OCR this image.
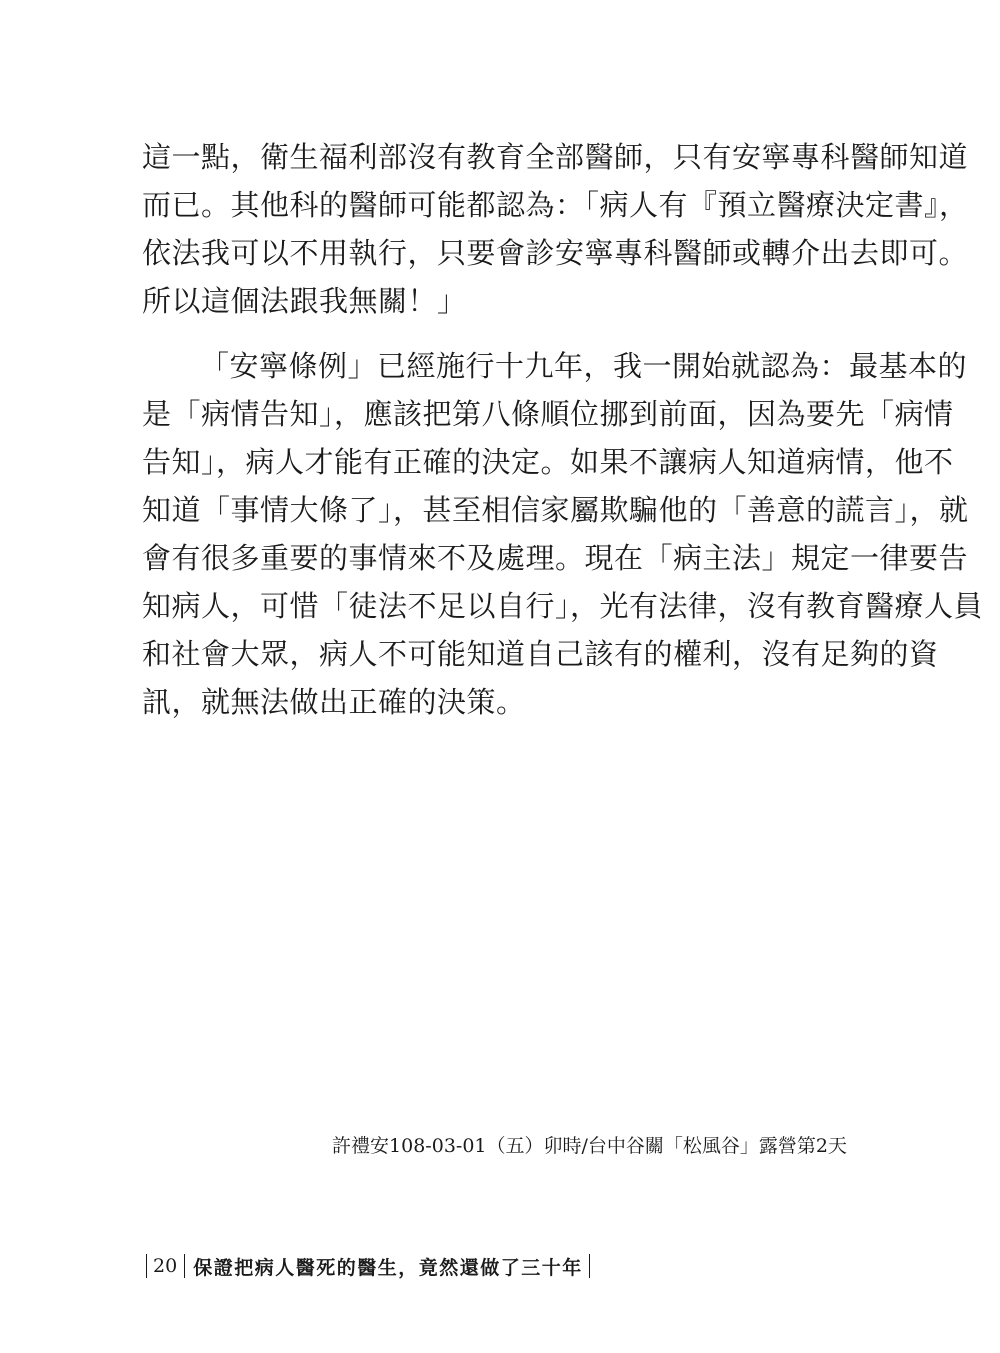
這一點，衛生福利部沒有教育全部醫師，只有安寧專科醫師知道
而已。其他科的醫師可能都認為：「病人有『預立醫療決定書』，
依法我可以不用執行，只要會診安寧專科醫師或轉介出去即可。
所以這個法跟我無關！」
「安寧條例」已經施行十九年，我一開始就認為：最基本的
是「病情告知」，應該把第八條順位挪到前面，因為要先「病情
告知」，病人才能有正確的決定。如果不讓病人知道病情，他不
知道「事情大條了」，甚至相信家屬欺騙他的「善意的謊言」，就
會有很多重要的事情來不及處理。現在「病主法」規定一律要告
知病人，可惜「徒法不足以自行」，光有法律，沒有教育醫療人員
和社會大眾，病人不可能知道自己該有的權利，沒有足夠的資
訊，就無法做出正確的決策。
許禮安108-03-01（五）卯時/台中谷關「松風谷」露營第2天
20 保證把病人醫死的醫生，竟然還做了三十年
